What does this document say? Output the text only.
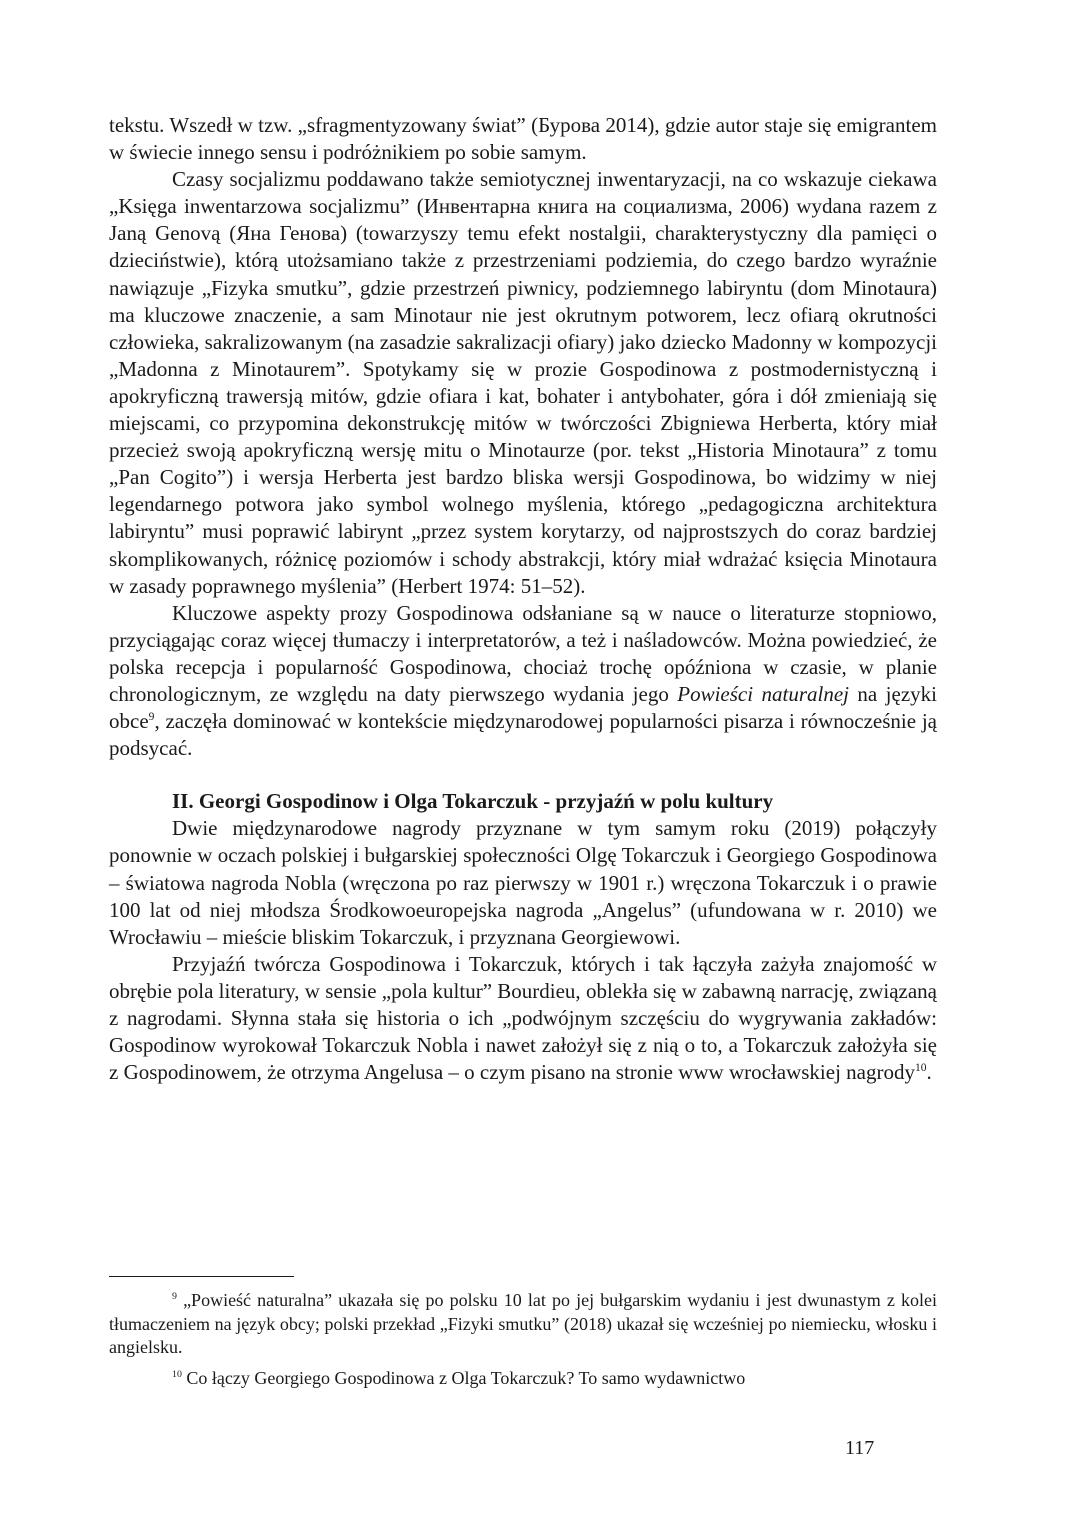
tekstu. Wszedł w tzw. „sfragmentyzowany świat” (Бурова 2014), gdzie autor staje się emigrantem w świecie innego sensu i podróżnikiem po sobie samym.

Czasy socjalizmu poddawano także semiotycznej inwentaryzacji, na co wskazuje ciekawa „Księga inwentarzowa socjalizmu” (Инвентарна книга на социализма, 2006) wydana razem z Janą Genovą (Яна Генова) (towarzyszy temu efekt nostalgii, charakterystyczny dla pamięci o dzieciństwie), którą utożsamiano także z przestrzeniami podziemia, do czego bardzo wyraźnie nawiązuje „Fizyka smutku”, gdzie przestrzeń piwnicy, podziemnego labiryntu (dom Minotaura) ma kluczowe znaczenie, a sam Minotaur nie jest okrutnym potworem, lecz ofiarą okrutności człowieka, sakralizowanym (na zasadzie sakralizacji ofiary) jako dziecko Madonny w kompozycji „Madonna z Minotaurem”. Spotykamy się w prozie Gospodinowa z postmodernistyczną i apokryficzną trawersją mitów, gdzie ofiara i kat, bohater i antybohater, góra i dół zmieniają się miejscami, co przypomina dekonstrukcję mitów w twórczości Zbigniewa Herberta, który miał przecież swoją apokryficzną wersję mitu o Minotaurze (por. tekst „Historia Minotaura” z tomu „Pan Cogito”) i wersja Herberta jest bardzo bliska wersji Gospodinowa, bo widzimy w niej legendarnego potwora jako symbol wolnego myślenia, którego „pedagogiczna architektura labiryntu” musi poprawić labirynt „przez system korytarzy, od najprostszych do coraz bardziej skomplikowanych, różnicę poziomów i schody abstrakcji, który miał wdrażać księcia Minotaura w zasady poprawnego myślenia” (Herbert 1974: 51–52).

Kluczowe aspekty prozy Gospodinowa odsłaniane są w nauce o literaturze stopniowo, przyciągając coraz więcej tłumaczy i interpretatorów, a też i naśladowców. Można powiedzieć, że polska recepcja i popularność Gospodinowa, chociaż trochę opóźniona w czasie, w planie chronologicznym, ze względu na daty pierwszego wydania jego Powieści naturalnej na języki obce$^9$, zaczęła dominować w kontekście międzynarodowej popularności pisarza i równocześnie ją podsycać.

II. Georgi Gospodinow i Olga Tokarczuk - przyjaźń w polu kultury

Dwie międzynarodowe nagrody przyznane w tym samym roku (2019) połączyły ponownie w oczach polskiej i bułgarskiej społeczności Olgę Tokarczuk i Georgiego Gospodinowa – światowa nagroda Nobla (wręczona po raz pierwszy w 1901 r.) wręczona Tokarczuk i o prawie 100 lat od niej młodsza Środkowoeuropejska nagroda „Angelus” (ufundowana w r. 2010) we Wrocławiu – mieście bliskim Tokarczuk, i przyznana Georgiewowi.

Przyjaźń twórcza Gospodinowa i Tokarczuk, których i tak łączyła zażyła znajomość w obrębie pola literatury, w sensie „pola kultur” Bourdieu, oblekła się w zabawną narrację, związaną z nagrodami. Słynna stała się historia o ich „podwójnym szczęściu do wygrywania zakładów: Gospodinow wyrokował Tokarczuk Nobla i nawet założył się z nią o to, a Tokarczuk założyła się z Gospodinowem, że otrzyma Angelusa – o czym pisano na stronie www wrocławskiej nagrody$^{10}$.

$^9$ „Powieść naturalna” ukazała się po polsku 10 lat po jej bułgarskim wydaniu i jest dwunastym z kolei tłumaczeniem na język obcy; polski przekład „Fizyki smutku” (2018) ukazał się wcześniej po niemiecku, włosku i angielsku.

$^{10}$ Co łączy Georgiego Gospodinowa z Olga Tokarczuk? To samo wydawnictwo

117
